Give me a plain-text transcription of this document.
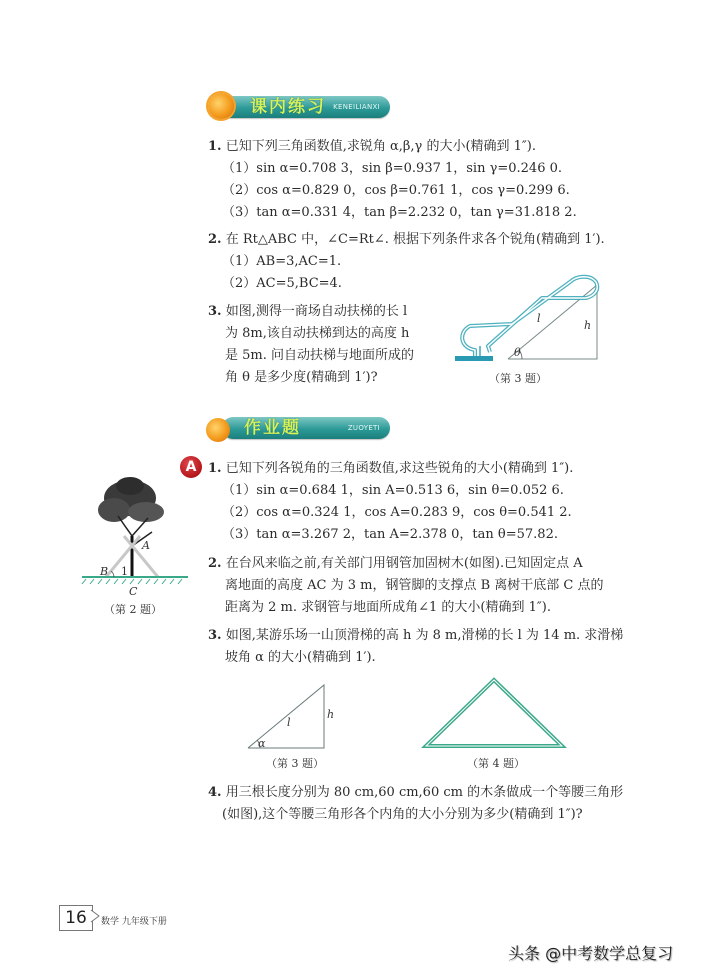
课内练习 KENEILIANXI
1. 已知下列三角函数值,求锐角 α,β,γ 的大小(精确到 1″).
（1）sin α=0.708 3，sin β=0.937 1，sin γ=0.246 0.
（2）cos α=0.829 0，cos β=0.761 1，cos γ=0.299 6.
（3）tan α=0.331 4，tan β=2.232 0，tan γ=31.818 2.
2. 在 Rt△ABC 中，∠C=Rt∠. 根据下列条件求各个锐角(精确到 1′).
（1）AB=3,AC=1.
（2）AC=5,BC=4.
3. 如图,测得一商场自动扶梯的长 l
为 8m,该自动扶梯到达的高度 h
是 5m. 问自动扶梯与地面所成的
角 θ 是多少度(精确到 1′)?
l
h
θ
（第 3 题）
作业题	ZUOYETI
A 1. 已知下列各锐角的三角函数值,求这些锐角的大小(精确到 1″).
（1）sin α=0.684 1，sin A=0.513 6，sin θ=0.052 6.
（2）cos α=0.324 1，cos A=0.283 9，cos θ=0.541 2.
（3）tan α=3.267 2，tan A=2.378 0，tan θ=57.82.
A
B 1
C
（第 2 题）
2. 在台风来临之前,有关部门用钢管加固树木(如图).已知固定点 A
离地面的高度 AC 为 3 m，钢管脚的支撑点 B 离树干底部 C 点的
距离为 2 m. 求钢管与地面所成角∠1 的大小(精确到 1″).
3. 如图,某游乐场一山顶滑梯的高 h 为 8 m,滑梯的长 l 为 14 m. 求滑梯
坡角 α 的大小(精确到 1′).
l
h
α
（第 3 题）	（第 4 题）
4. 用三根长度分别为 80 cm,60 cm,60 cm 的木条做成一个等腰三角形
(如图),这个等腰三角形各个内角的大小分别为多少(精确到 1″)?
16	数学 九年级下册
头条 @中考数学总复习
